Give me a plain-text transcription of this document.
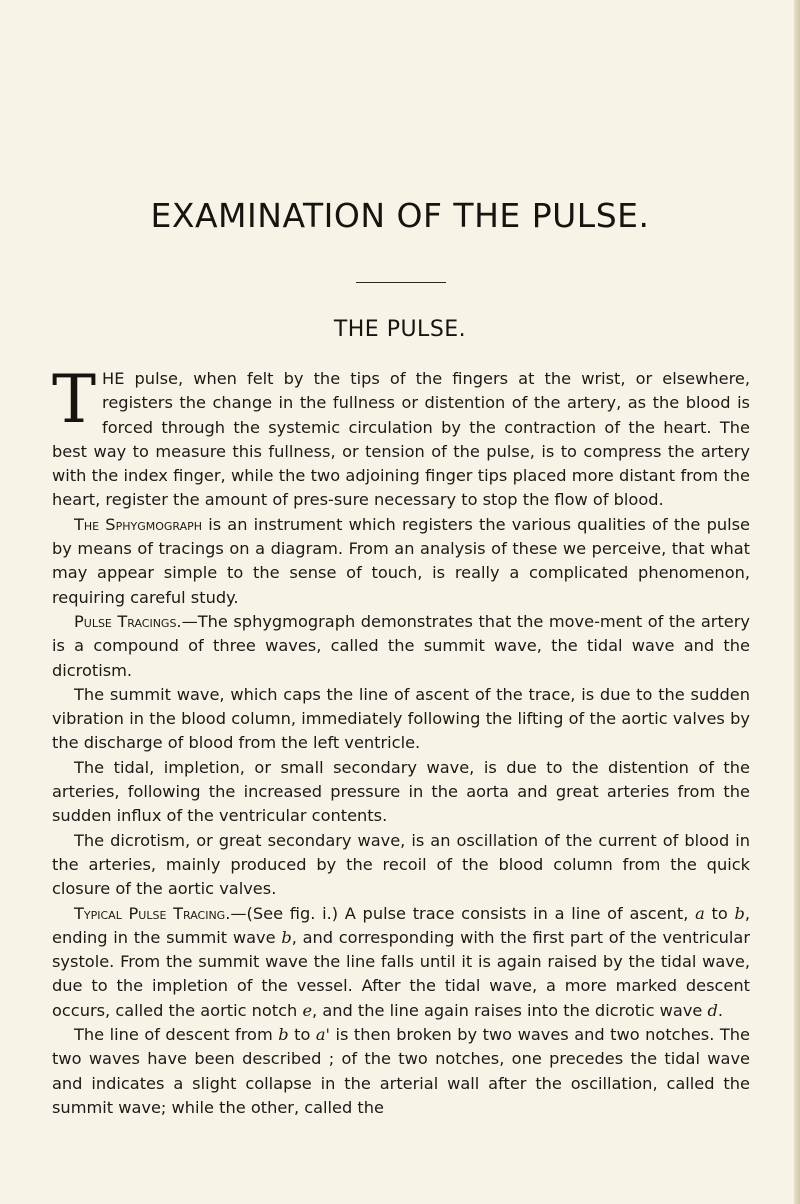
EXAMINATION OF THE PULSE.
THE PULSE.

THE pulse, when felt by the tips of the fingers at the wrist, or elsewhere, registers the change in the fullness or distention of the artery, as the blood is forced through the systemic circulation by the contraction of the heart. The best way to measure this fullness, or tension of the pulse, is to compress the artery with the index finger, while the two adjoining finger tips placed more distant from the heart, register the amount of pres-sure necessary to stop the flow of blood.

The Sphygmograph is an instrument which registers the various qualities of the pulse by means of tracings on a diagram. From an analysis of these we perceive, that what may appear simple to the sense of touch, is really a complicated phenomenon, requiring careful study.

Pulse Tracings.—The sphygmograph demonstrates that the move-ment of the artery is a compound of three waves, called the summit wave, the tidal wave and the dicrotism.

The summit wave, which caps the line of ascent of the trace, is due to the sudden vibration in the blood column, immediately following the lifting of the aortic valves by the discharge of blood from the left ventricle.

The tidal, impletion, or small secondary wave, is due to the distention of the arteries, following the increased pressure in the aorta and great arteries from the sudden influx of the ventricular contents.

The dicrotism, or great secondary wave, is an oscillation of the current of blood in the arteries, mainly produced by the recoil of the blood column from the quick closure of the aortic valves.

Typical Pulse Tracing.—(See fig. i.) A pulse trace consists in a line of ascent, a to b, ending in the summit wave b, and corresponding with the first part of the ventricular systole. From the summit wave the line falls until it is again raised by the tidal wave, due to the impletion of the vessel. After the tidal wave, a more marked descent occurs, called the aortic notch e, and the line again raises into the dicrotic wave d.

The line of descent from b to a' is then broken by two waves and two notches. The two waves have been described ; of the two notches, one precedes the tidal wave and indicates a slight collapse in the arterial wall after the oscillation, called the summit wave; while the other, called the
